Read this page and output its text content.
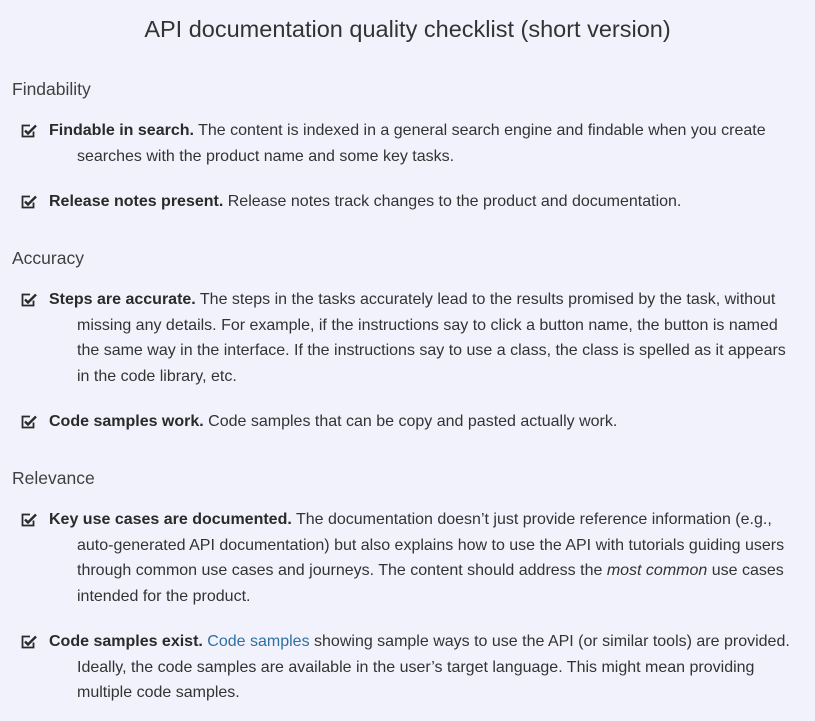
API documentation quality checklist (short version)
Findability
Findable in search. The content is indexed in a general search engine and findable when you create searches with the product name and some key tasks.
Release notes present. Release notes track changes to the product and documentation.
Accuracy
Steps are accurate. The steps in the tasks accurately lead to the results promised by the task, without missing any details. For example, if the instructions say to click a button name, the button is named the same way in the interface. If the instructions say to use a class, the class is spelled as it appears in the code library, etc.
Code samples work. Code samples that can be copy and pasted actually work.
Relevance
Key use cases are documented. The documentation doesn’t just provide reference information (e.g., auto-generated API documentation) but also explains how to use the API with tutorials guiding users through common use cases and journeys. The content should address the most common use cases intended for the product.
Code samples exist. Code samples showing sample ways to use the API (or similar tools) are provided. Ideally, the code samples are available in the user’s target language. This might mean providing multiple code samples.
